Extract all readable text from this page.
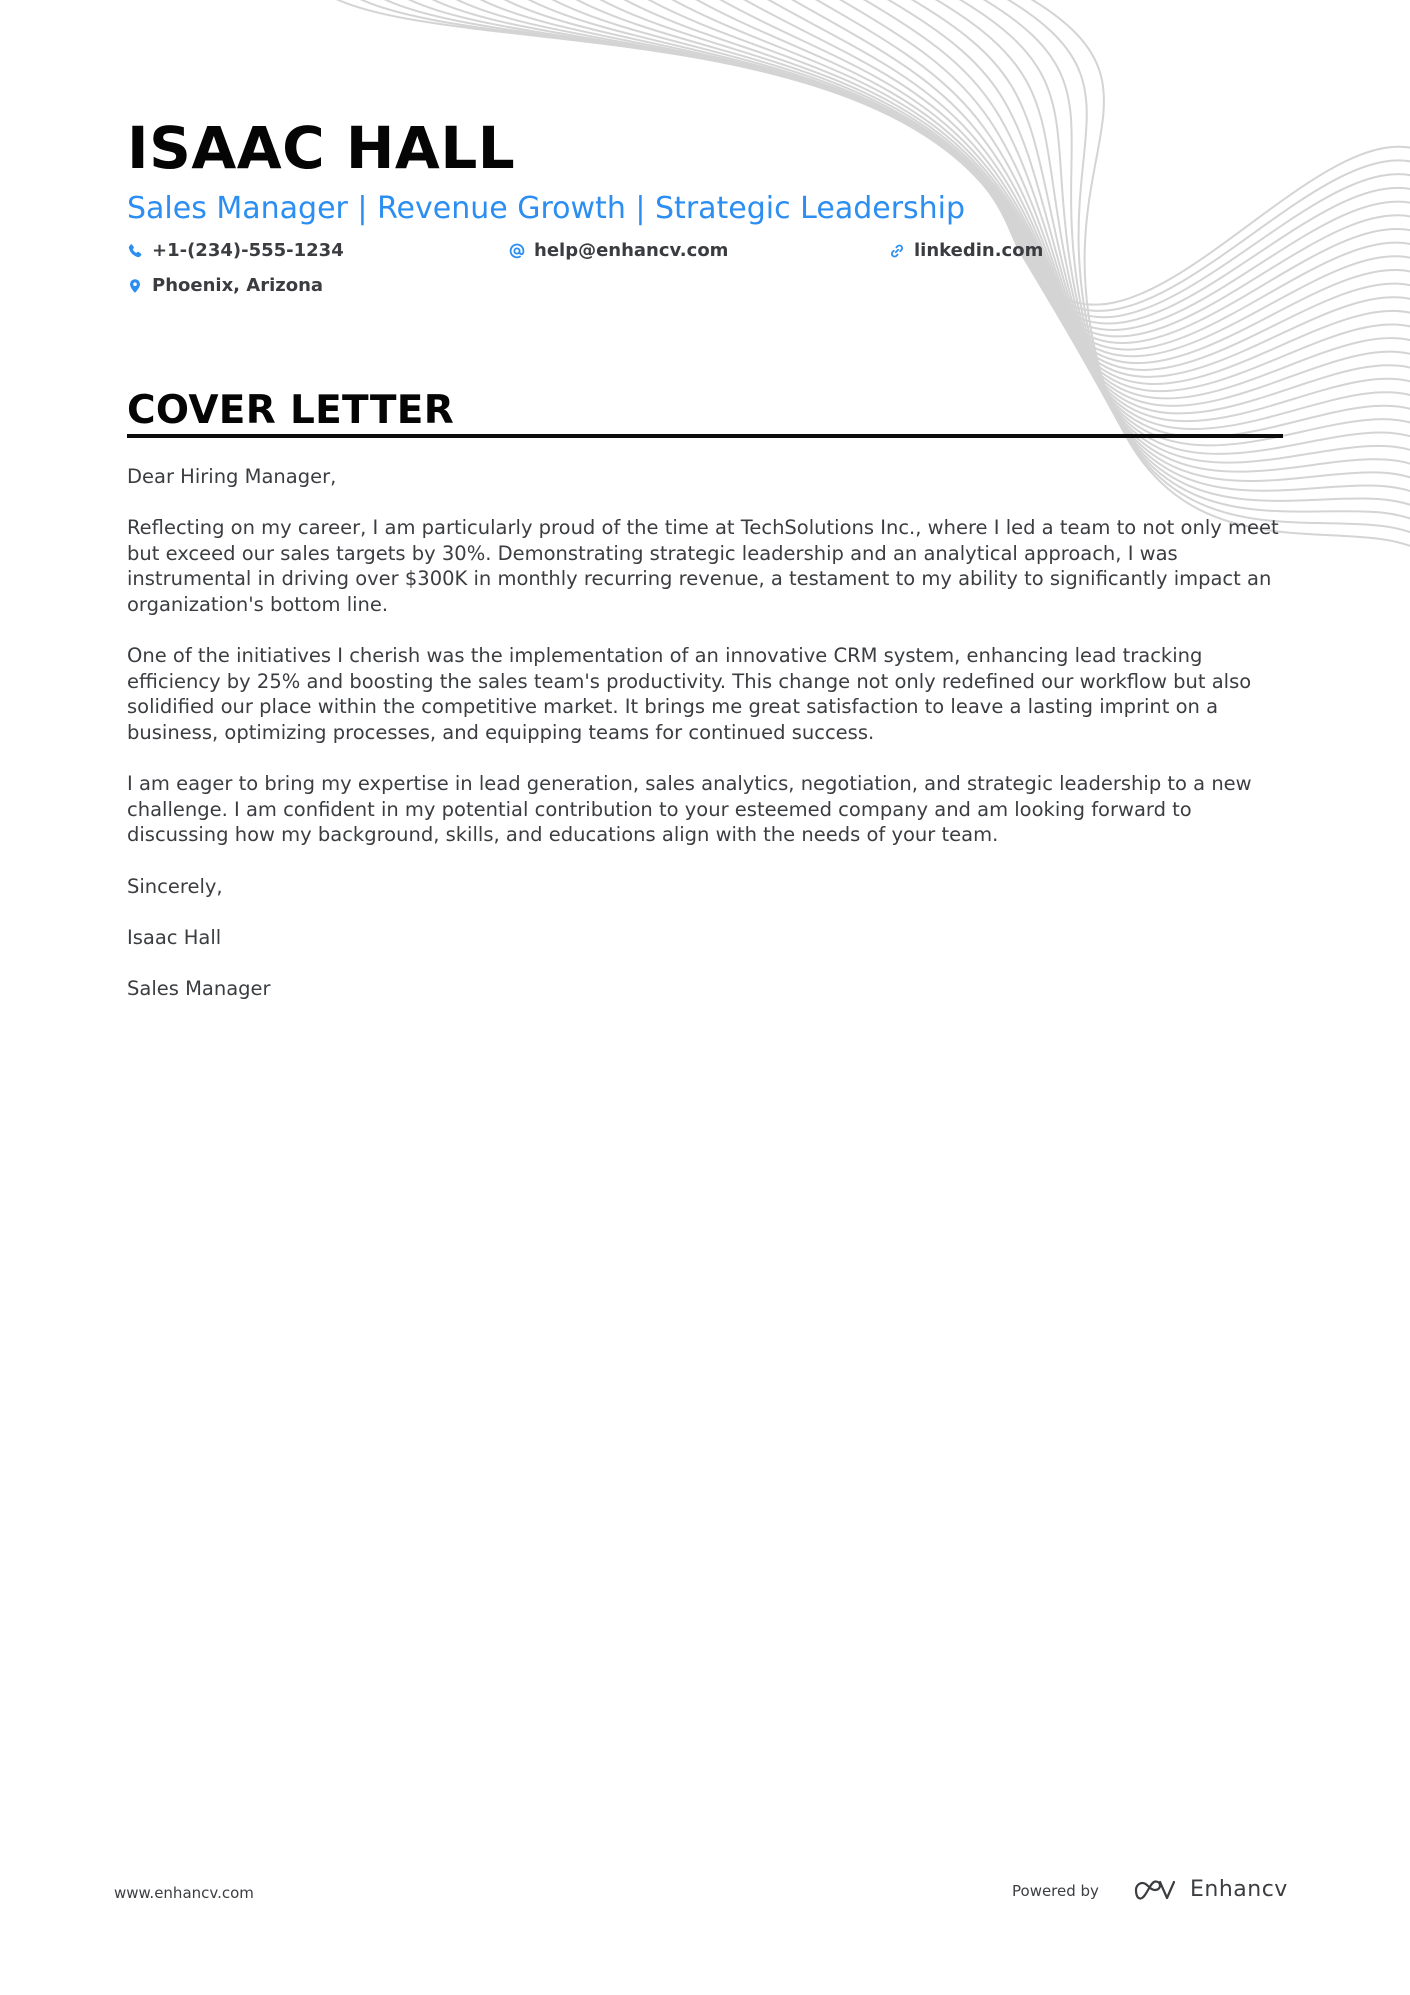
ISAAC HALL
Sales Manager | Revenue Growth | Strategic Leadership
+1-(234)-555-1234	help@enhancv.com	linkedin.com
Phoenix, Arizona
COVER LETTER

Dear Hiring Manager,

Reflecting on my career, I am particularly proud of the time at TechSolutions Inc., where I led a team to not only meet but exceed our sales targets by 30%. Demonstrating strategic leadership and an analytical approach, I was instrumental in driving over $300K in monthly recurring revenue, a testament to my ability to significantly impact an organization's bottom line.

One of the initiatives I cherish was the implementation of an innovative CRM system, enhancing lead tracking efficiency by 25% and boosting the sales team's productivity. This change not only redefined our workflow but also solidified our place within the competitive market. It brings me great satisfaction to leave a lasting imprint on a business, optimizing processes, and equipping teams for continued success.

I am eager to bring my expertise in lead generation, sales analytics, negotiation, and strategic leadership to a new challenge. I am confident in my potential contribution to your esteemed company and am looking forward to discussing how my background, skills, and educations align with the needs of your team.

Sincerely,

Isaac Hall

Sales Manager

www.enhancv.com	Powered by	Enhancv
